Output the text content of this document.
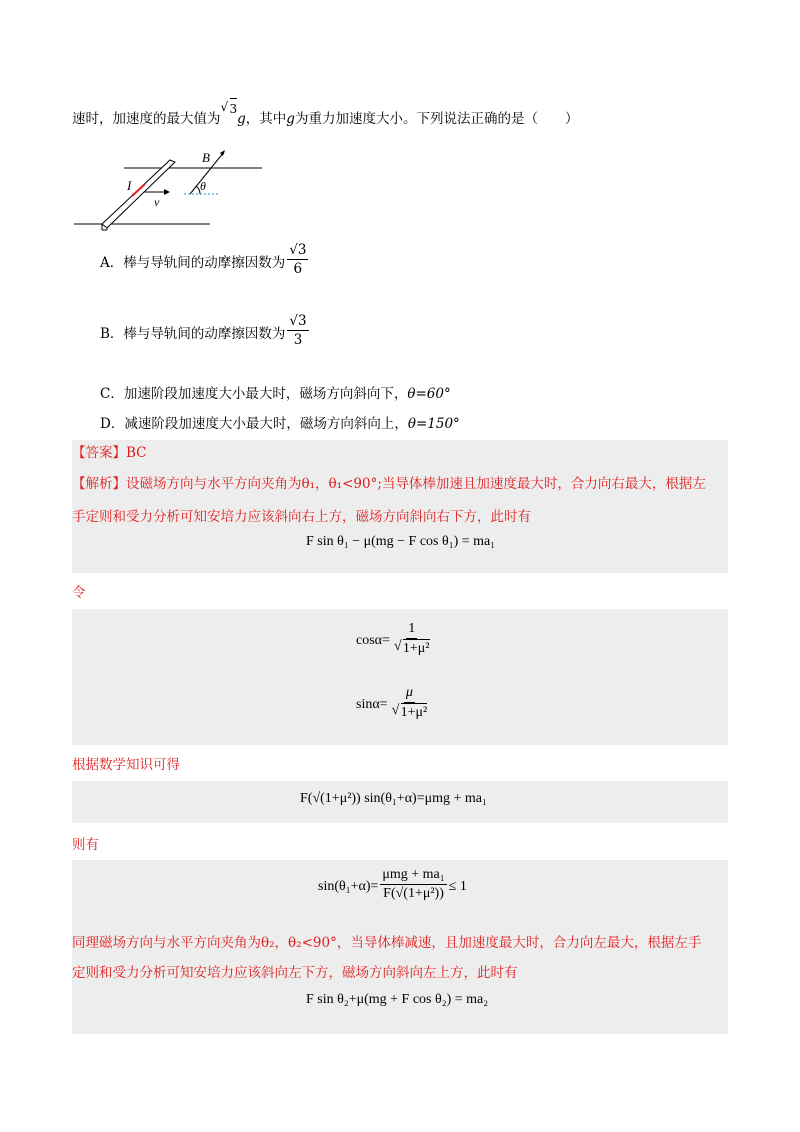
速时，加速度的最大值为
√ 3g，其中g为重力加速度大小。下列说法正确的是（　　）
B
I
v
θ
A．棒与导轨间的动摩擦因数为 $\frac{√3}{6}$
B．棒与导轨间的动摩擦因数为 $\frac{√3}{3}$
C．加速阶段加速度大小最大时，磁场方向斜向下，θ=60°
D．减速阶段加速度大小最大时，磁场方向斜向上，θ=150°
【答案】BC
【解析】设磁场方向与水平方向夹角为θ₁，θ₁<90°;当导体棒加速且加速度最大时，合力向右最大，根据左
手定则和受力分析可知安培力应该斜向右上方，磁场方向斜向右下方，此时有
F sin θ₁ − μ(mg − F cos θ₁) = ma₁
令
$\cos\alpha= \frac{1}{\text{√ 1+μ²}}$
$\sin\alpha= \frac{\mu}{\text{√ 1+μ²}}$
根据数学知识可得
F(√(1+μ²)) sin(θ₁+α)=μmg + ma₁
则有
$\sin(\theta_1+\alpha)= \frac{\text{μmg + ma₁}}{\text{F(√(1+μ²))}} \le 1$
同理磁场方向与水平方向夹角为θ₂，θ₂<90°，当导体棒减速，且加速度最大时，合力向左最大，根据左手
定则和受力分析可知安培力应该斜向左下方，磁场方向斜向左上方，此时有
F sin θ₂+μ(mg + F cos θ₂) = ma₂
